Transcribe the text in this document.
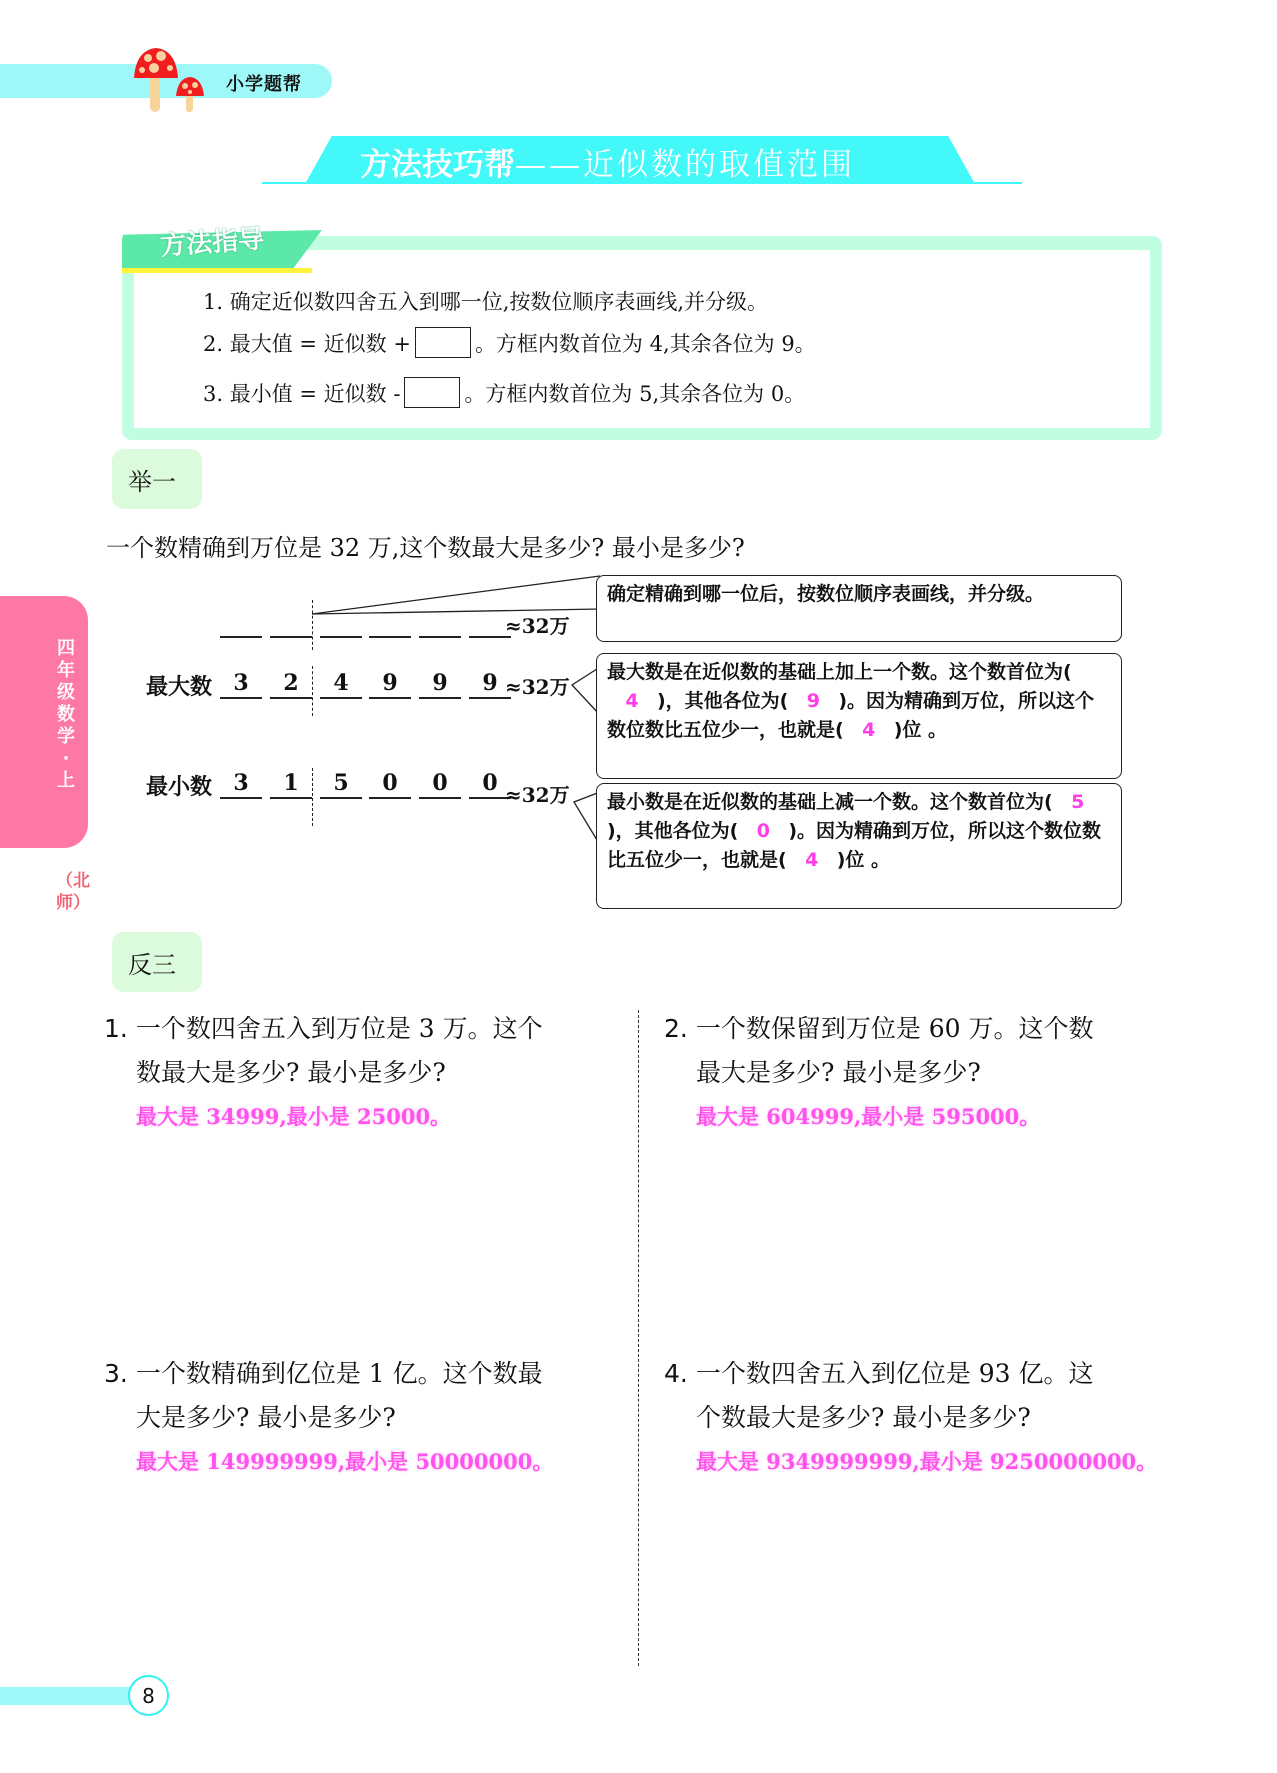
小学题帮
方法技巧帮——近似数的取值范围
方法指导
1. 确定近似数四舍五入到哪一位,按数位顺序表画线,并分级。
2. 最大值 = 近似数 +	。方框内数首位为 4,其余各位为 9。
3. 最小值 = 近似数 -	。方框内数首位为 5,其余各位为 0。
举一
一个数精确到万位是 32 万,这个数最大是多少? 最小是多少?
≈32万
最大数 3	2	4	9	9	9 ≈32万
最小数 3	1	5	0	0	0 ≈32万
确定精确到哪一位后，按数位顺序表画线，并分级。
最大数是在近似数的基础上加上一个数。这个数首位为(4 )，其他各位为( 9 )。因为精确到万位，所以这个数位数比五位少一，也就是( 4 )位 。
最小数是在近似数的基础上减一个数。这个数首位为( 5)，其他各位为( 0 )。因为精确到万位，所以这个数位数比五位少一，也就是( 4 )位 。
反三
1. 一个数四舍五入到万位是 3 万。这个
数最大是多少? 最小是多少?
最大是 34999,最小是 25000。
2. 一个数保留到万位是 60 万。这个数
最大是多少? 最小是多少?
最大是 604999,最小是 595000。
3. 一个数精确到亿位是 1 亿。这个数最
大是多少? 最小是多少?
最大是 149999999,最小是 50000000。
4. 一个数四舍五入到亿位是 93 亿。这
个数最大是多少? 最小是多少?
最大是 9349999999,最小是 9250000000。
四年级数学·上
（北师）
8
